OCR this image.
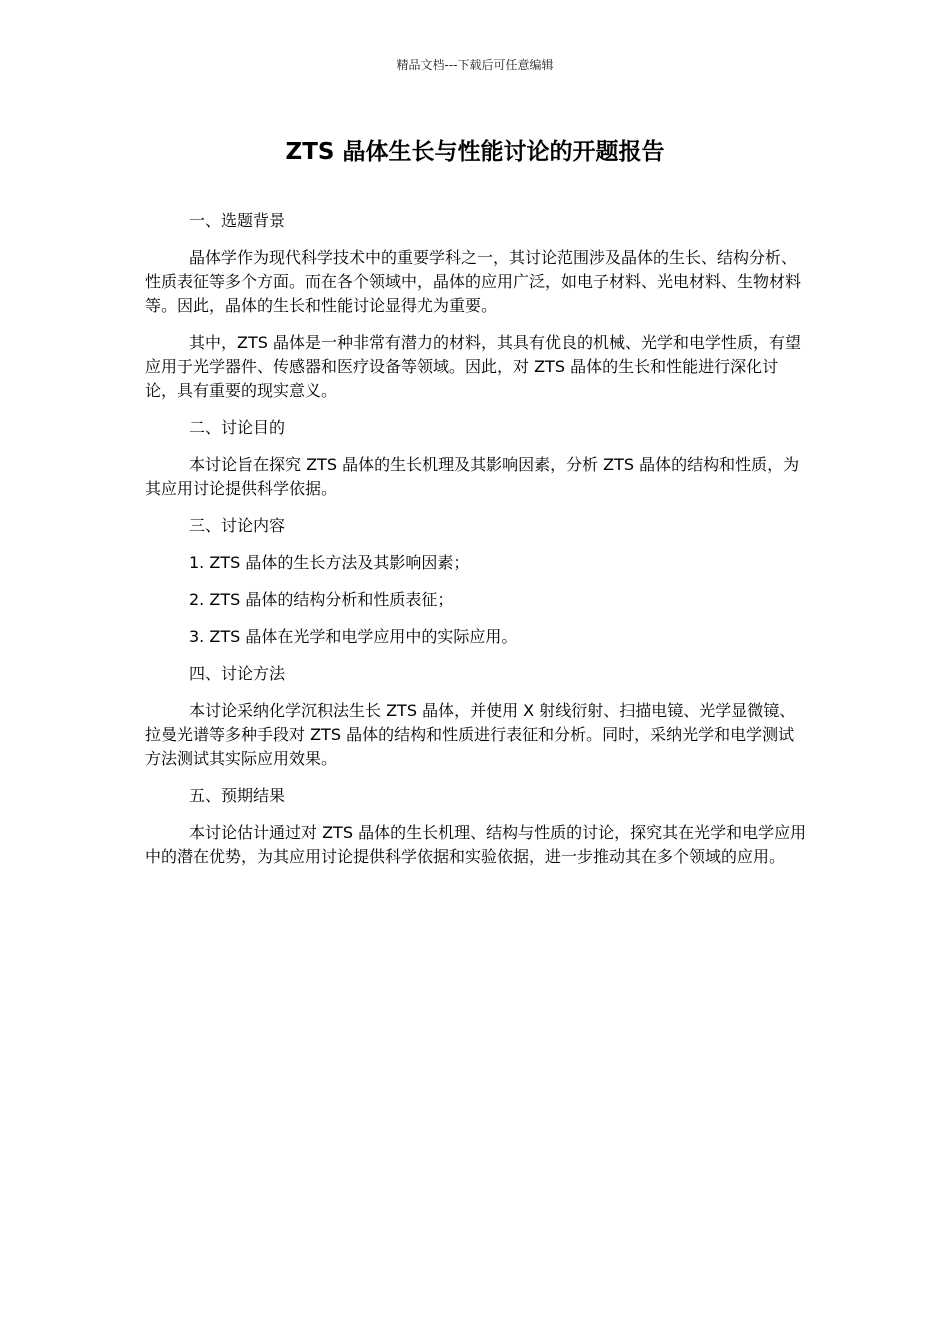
精品文档---下载后可任意编辑
ZTS 晶体生长与性能讨论的开题报告

一、选题背景

晶体学作为现代科学技术中的重要学科之一，其讨论范围涉及晶体的生长、结构分析、性质表征等多个方面。而在各个领域中，晶体的应用广泛，如电子材料、光电材料、生物材料等。因此，晶体的生长和性能讨论显得尤为重要。

其中，ZTS 晶体是一种非常有潜力的材料，其具有优良的机械、光学和电学性质，有望应用于光学器件、传感器和医疗设备等领域。因此，对 ZTS 晶体的生长和性能进行深化讨论，具有重要的现实意义。

二、讨论目的

本讨论旨在探究 ZTS 晶体的生长机理及其影响因素，分析 ZTS 晶体的结构和性质，为其应用讨论提供科学依据。

三、讨论内容

1. ZTS 晶体的生长方法及其影响因素；

2. ZTS 晶体的结构分析和性质表征；

3. ZTS 晶体在光学和电学应用中的实际应用。

四、讨论方法

本讨论采纳化学沉积法生长 ZTS 晶体，并使用 X 射线衍射、扫描电镜、光学显微镜、拉曼光谱等多种手段对 ZTS 晶体的结构和性质进行表征和分析。同时，采纳光学和电学测试方法测试其实际应用效果。

五、预期结果

本讨论估计通过对 ZTS 晶体的生长机理、结构与性质的讨论，探究其在光学和电学应用中的潜在优势，为其应用讨论提供科学依据和实验依据，进一步推动其在多个领域的应用。
